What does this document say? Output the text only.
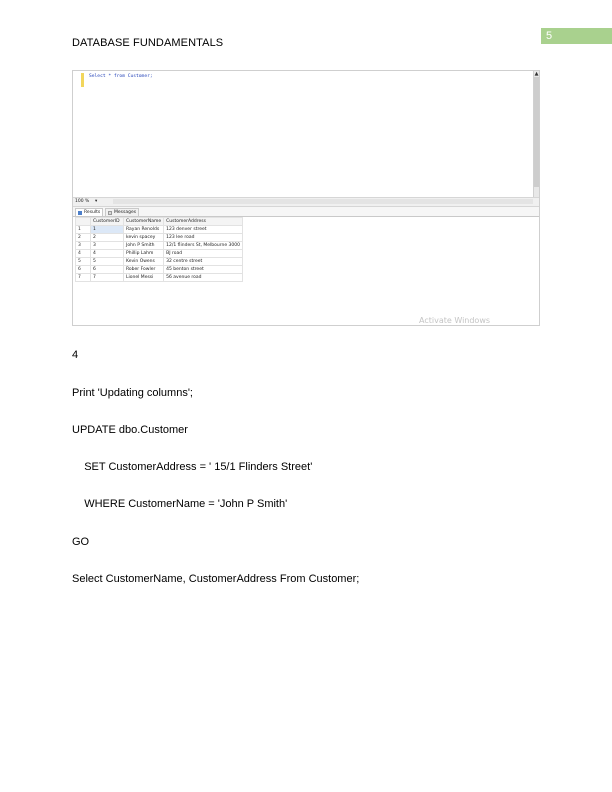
5
DATABASE FUNDAMENTALS
Select * from Customer;	▲
100 % ▾
Results	Messages
	CustomerID	CustomerName	CustomerAddress
1	1	Rayan Renolds	123 denver street
2	2	kevin spacey	123 lee road
3	3	John P Smith	12/1 flinders St, Melbourne 3000
4	4	Phillip Lahm	BJ road
5	5	Kevin Owens	32 centre street
6	6	Rober Fowler	45 benton street
7	7	Lionel Messi	56 avenue road
Activate Windows
4
Print 'Updating columns';
UPDATE dbo.Customer
SET CustomerAddress = ' 15/1 Flinders Street'
WHERE CustomerName = 'John P Smith'
GO
Select CustomerName, CustomerAddress From Customer;
